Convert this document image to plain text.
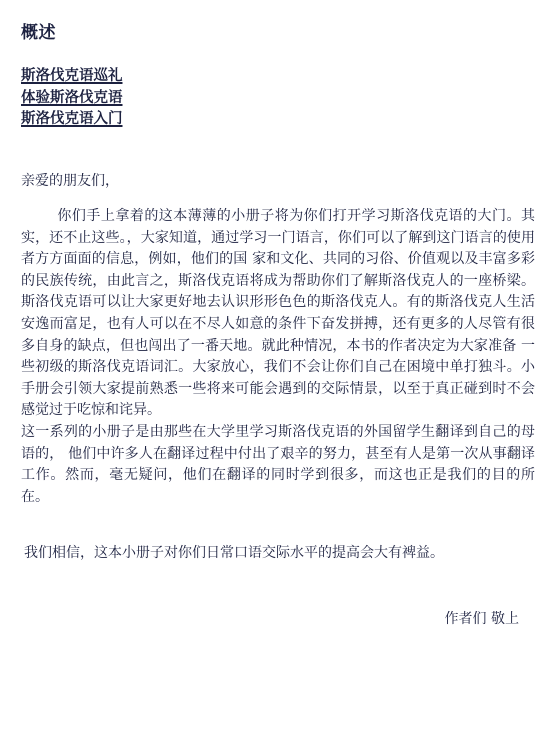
概述
斯洛伐克语巡礼
体验斯洛伐克语
斯洛伐克语入门

亲爱的朋友们，

你们手上拿着的这本薄薄的小册子将为你们打开学习斯洛伐克语的大门。其实，还不止这些。，大家知道，通过学习一门语言，你们可以了解到这门语言的使用者方方面面的信息，例如，他们的国 家和文化、共同的习俗、价值观以及丰富多彩的民族传统，由此言之，斯洛伐克语将成为帮助你们了解斯洛伐克人的一座桥梁。斯洛伐克语可以让大家更好地去认识形形色色的斯洛伐克人。有的斯洛伐克人生活安逸而富足，也有人可以在不尽人如意的条件下奋发拼搏，还有更多的人尽管有很多自身的缺点，但也闯出了一番天地。就此种情况，本书的作者决定为大家准备 一些初级的斯洛伐克语词汇。大家放心，我们不会让你们自己在困境中单打独斗。小手册会引领大家提前熟悉一些将来可能会遇到的交际情景，以至于真正碰到时不会感觉过于吃惊和诧异。

这一系列的小册子是由那些在大学里学习斯洛伐克语的外国留学生翻译到自己的母语的， 他们中许多人在翻译过程中付出了艰辛的努力，甚至有人是第一次从事翻译工作。然而，毫无疑问，他们在翻译的同时学到很多，而这也正是我们的目的所在。

我们相信，这本小册子对你们日常口语交际水平的提高会大有裨益。

作者们 敬上
